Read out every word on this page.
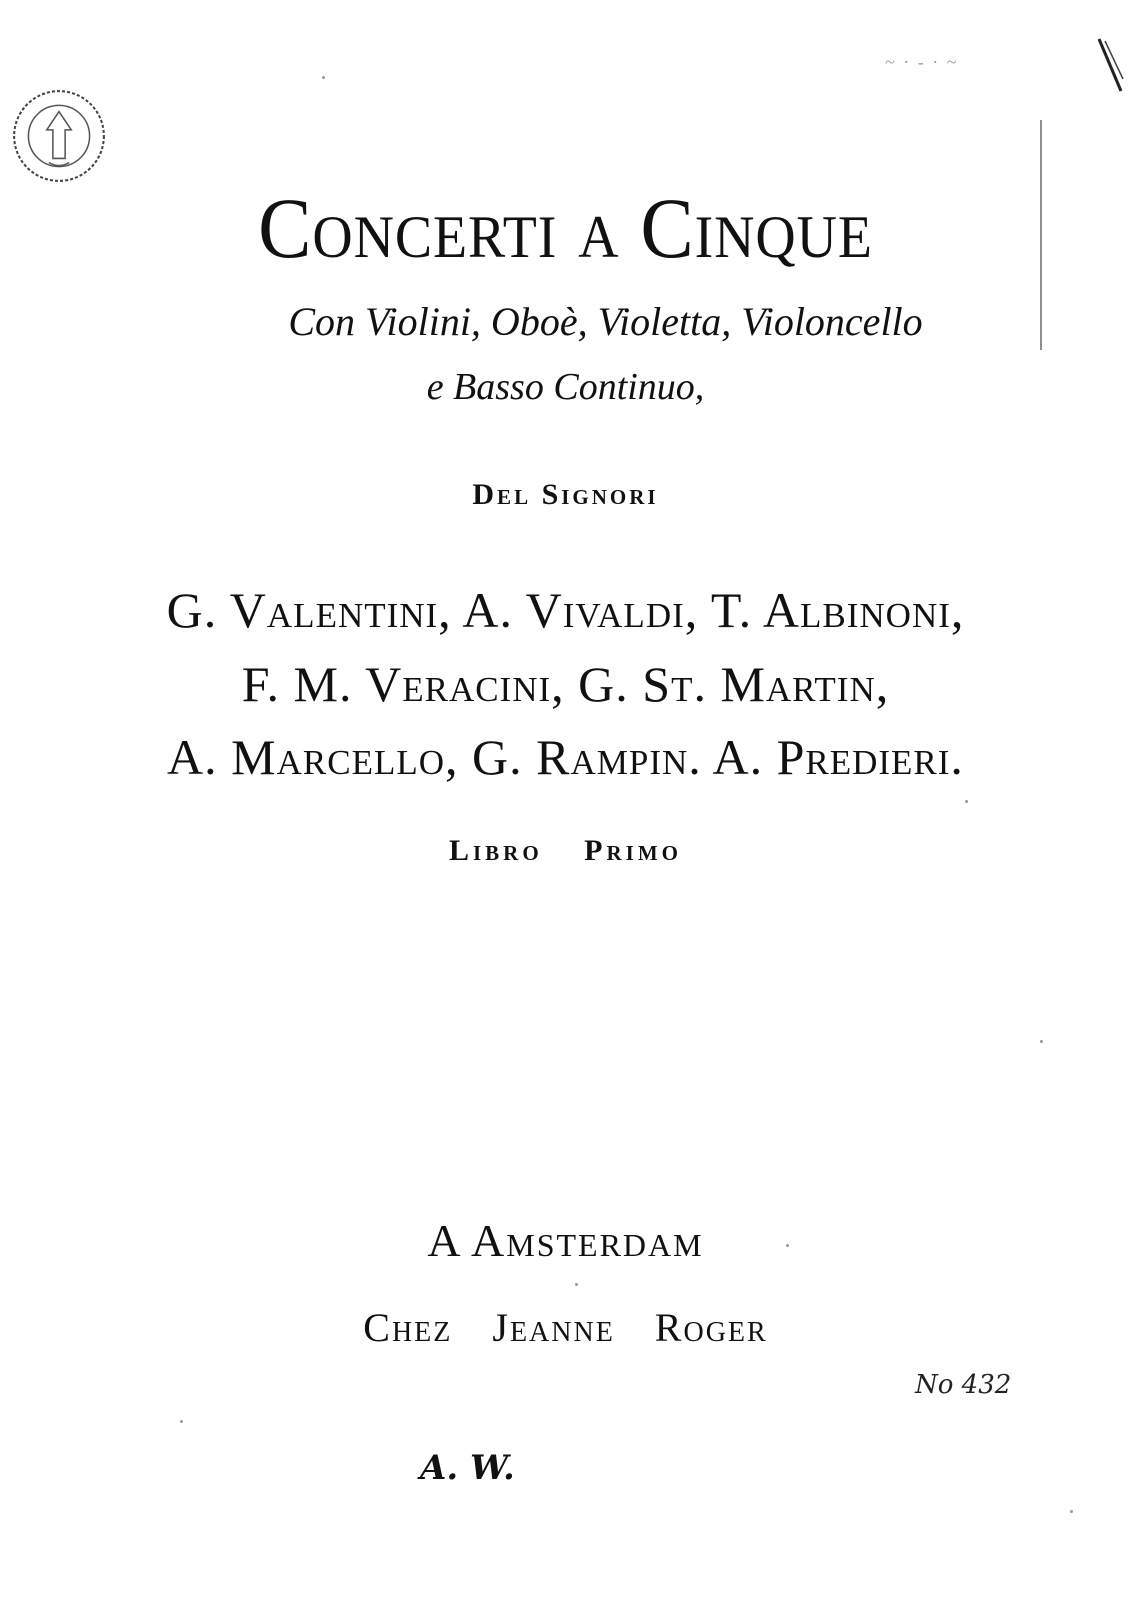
~ · - · ~
Concerti a Cinque
Con Violini, Oboè, Violetta, Violoncello
e Basso Continuo,
Del Signori
G. Valentini, A. Vivaldi, T. Albinoni,
F. M. Veracini, G. St. Martin,
A. Marcello, G. Rampin. A. Predieri.
Libro Primo
A Amsterdam
Chez Jeanne Roger
No 432
A. W.
